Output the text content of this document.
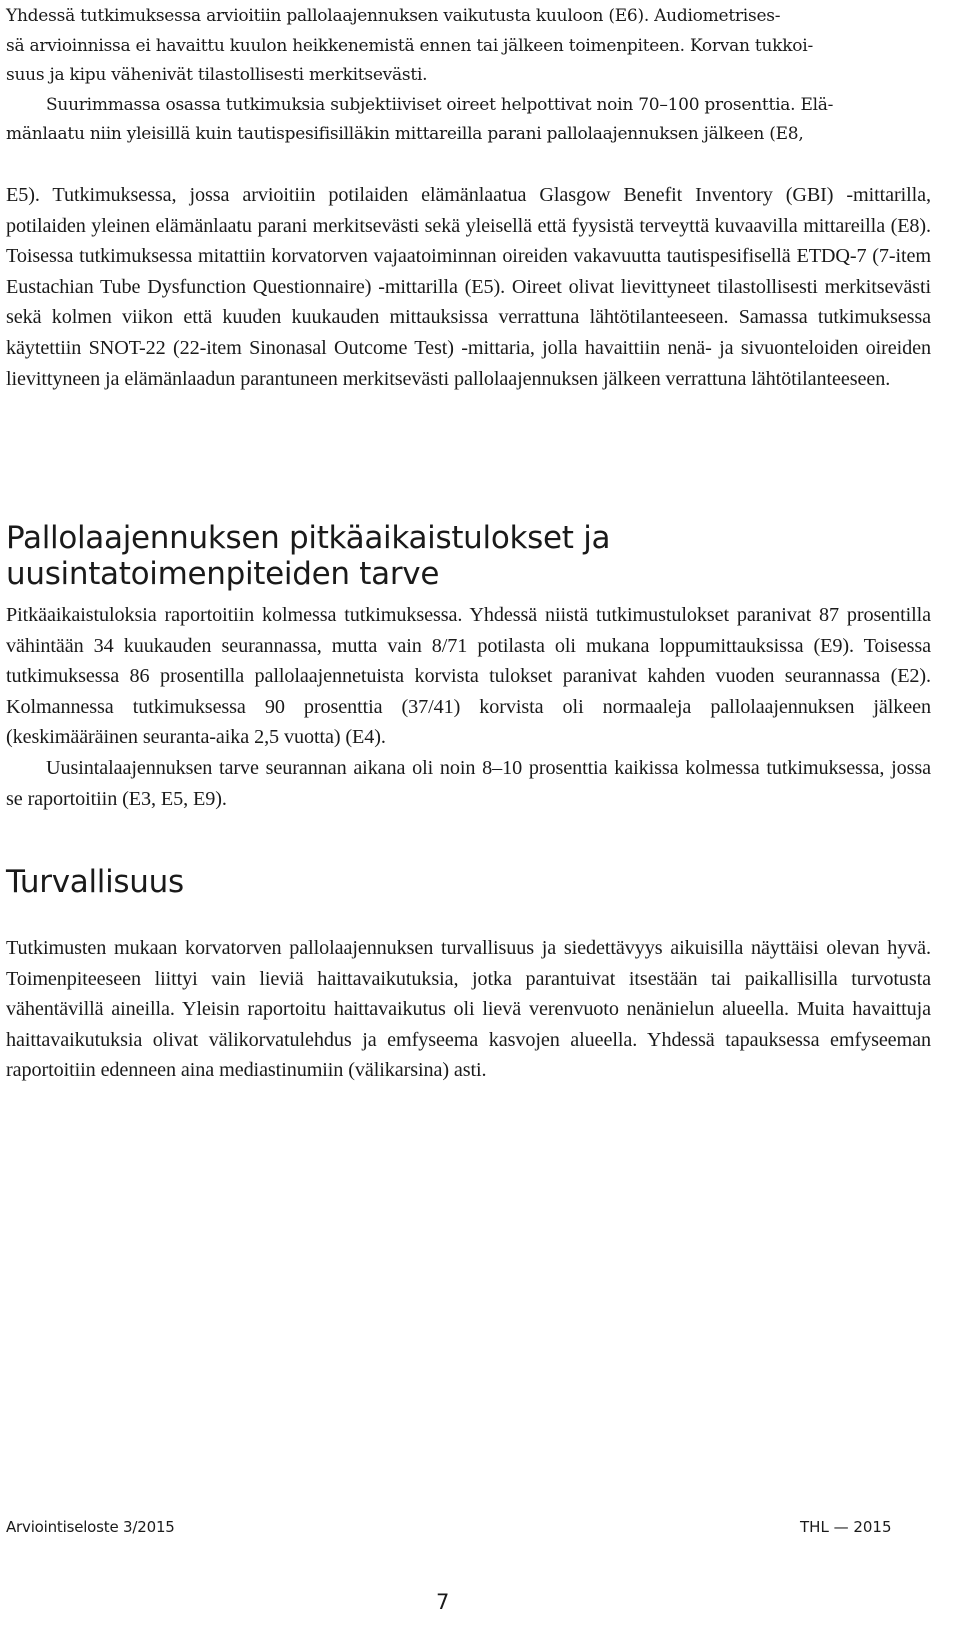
Yhdessä tutkimuksessa arvioitiin pallolaajennuksen vaikutusta kuuloon (E6). Audiometrises-
sä arvioinnissa ei havaittu kuulon heikkenemistä ennen tai jälkeen toimenpiteen. Korvan tukkoi-
suus ja kipu vähenivät tilastollisesti merkitsevästi.
Suurimmassa osassa tutkimuksia subjektiiviset oireet helpottivat noin 70–100 prosenttia. Elä-
mänlaatu niin yleisillä kuin tautispesifisilläkin mittareilla parani pallolaajennuksen jälkeen (E8,

E5). Tutkimuksessa, jossa arvioitiin potilaiden elämänlaatua Glasgow Benefit Inventory (GBI) -mittarilla, potilaiden yleinen elämänlaatu parani merkitsevästi sekä yleisellä että fyysistä terveyttä kuvaavilla mittareilla (E8). Toisessa tutkimuksessa mitattiin korvatorven vajaatoiminnan oireiden vakavuutta tautispesifisellä ETDQ-7 (7-item Eustachian Tube Dysfunction Questionnaire) -mittarilla (E5). Oireet olivat lievittyneet tilastollisesti merkitsevästi sekä kolmen viikon että kuuden kuukauden mittauksissa verrattuna lähtötilanteeseen. Samassa tutkimuksessa käytettiin SNOT-22 (22-item Sinonasal Outcome Test) -mittaria, jolla havaittiin nenä- ja sivuonteloiden oireiden lievittyneen ja elämänlaadun parantuneen merkitsevästi pallolaajennuksen jälkeen verrattuna lähtötilanteeseen.

Pallolaajennuksen pitkäaikaistulokset ja
uusintatoimenpiteiden tarve

Pitkäaikaistuloksia raportoitiin kolmessa tutkimuksessa. Yhdessä niistä tutkimustulokset paranivat 87 prosentilla vähintään 34 kuukauden seurannassa, mutta vain 8/71 potilasta oli mukana loppumittauksissa (E9). Toisessa tutkimuksessa 86 prosentilla pallolaajennetuista korvista tulokset paranivat kahden vuoden seurannassa (E2). Kolmannessa tutkimuksessa 90 prosenttia (37/41) korvista oli normaaleja pallolaajennuksen jälkeen (keskimääräinen seuranta-aika 2,5 vuotta) (E4).

Uusintalaajennuksen tarve seurannan aikana oli noin 8–10 prosenttia kaikissa kolmessa tutkimuksessa, jossa se raportoitiin (E3, E5, E9).

Turvallisuus

Tutkimusten mukaan korvatorven pallolaajennuksen turvallisuus ja siedettävyys aikuisilla näyttäisi olevan hyvä. Toimenpiteeseen liittyi vain lieviä haittavaikutuksia, jotka parantuivat itsestään tai paikallisilla turvotusta vähentävillä aineilla. Yleisin raportoitu haittavaikutus oli lievä verenvuoto nenänielun alueella. Muita havaittuja haittavaikutuksia olivat välikorvatulehdus ja emfyseema kasvojen alueella. Yhdessä tapauksessa emfyseeman raportoitiin edenneen aina mediastinumiin (välikarsina) asti.

Arviointiseloste 3/2015	THL — 2015
7
